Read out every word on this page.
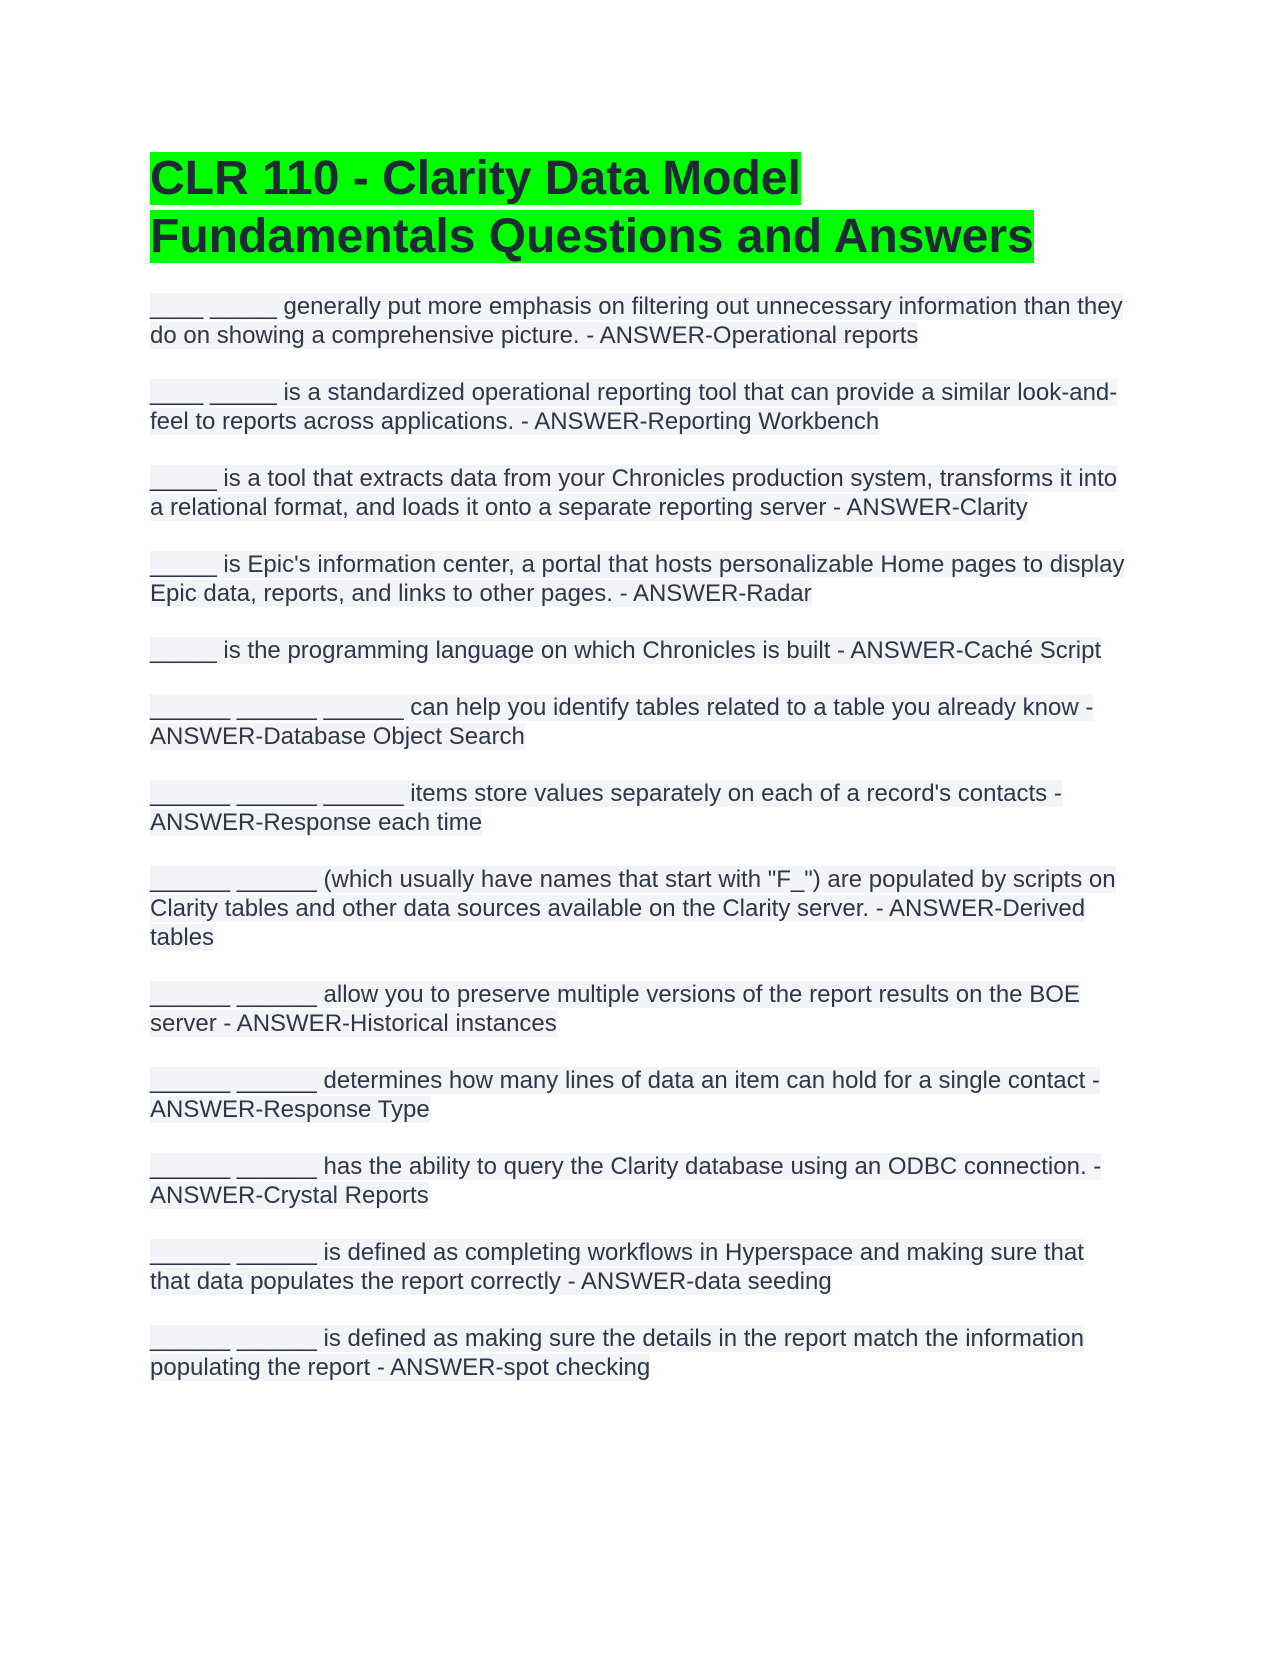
CLR 110 - Clarity Data Model Fundamentals Questions and Answers

____ _____ generally put more emphasis on filtering out unnecessary information than they do on showing a comprehensive picture. - ANSWER-Operational reports

____ _____ is a standardized operational reporting tool that can provide a similar look-and-feel to reports across applications. - ANSWER-Reporting Workbench

_____ is a tool that extracts data from your Chronicles production system, transforms it into a relational format, and loads it onto a separate reporting server - ANSWER-Clarity

_____ is Epic's information center, a portal that hosts personalizable Home pages to display Epic data, reports, and links to other pages. - ANSWER-Radar

_____ is the programming language on which Chronicles is built - ANSWER-Caché Script

______ ______ ______ can help you identify tables related to a table you already know - ANSWER-Database Object Search

______ ______ ______ items store values separately on each of a record's contacts - ANSWER-Response each time

______ ______ (which usually have names that start with "F_") are populated by scripts on Clarity tables and other data sources available on the Clarity server. - ANSWER-Derived tables

______ ______ allow you to preserve multiple versions of the report results on the BOE server - ANSWER-Historical instances

______ ______ determines how many lines of data an item can hold for a single contact - ANSWER-Response Type

______ ______ has the ability to query the Clarity database using an ODBC connection. - ANSWER-Crystal Reports

______ ______ is defined as completing workflows in Hyperspace and making sure that that data populates the report correctly - ANSWER-data seeding

______ ______ is defined as making sure the details in the report match the information populating the report - ANSWER-spot checking
